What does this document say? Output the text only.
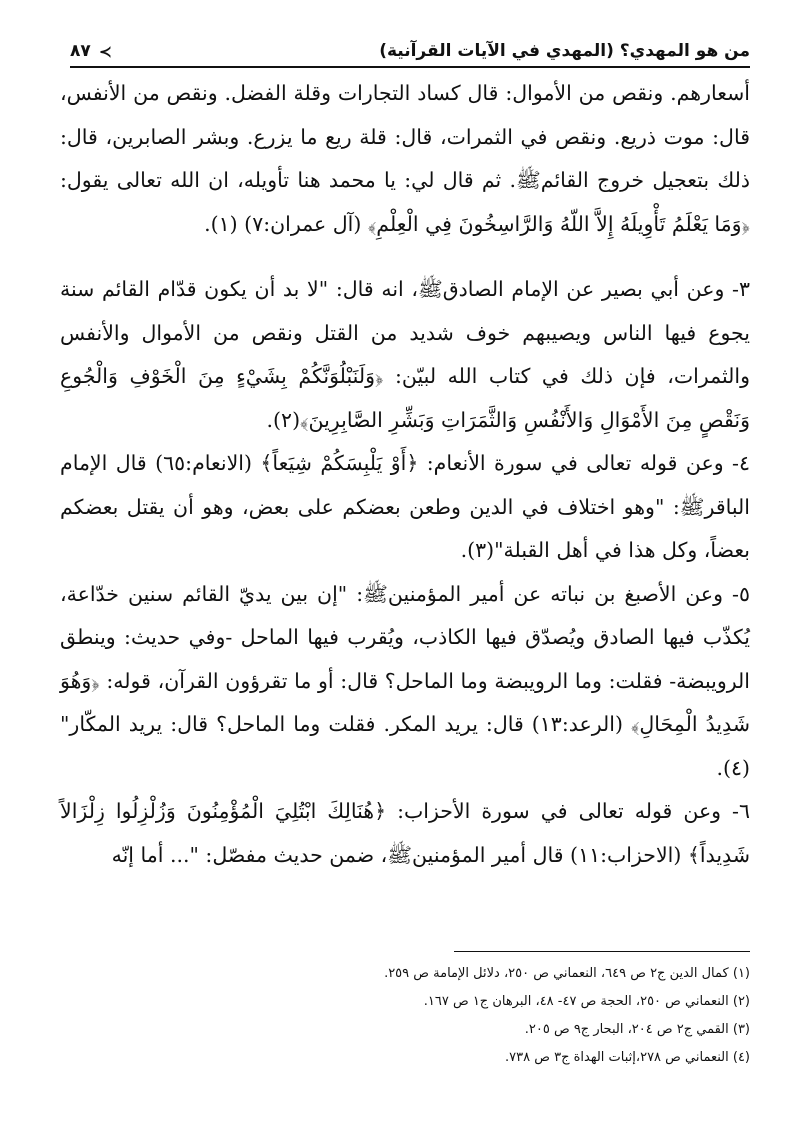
من هو المهدي؟ (المهدي في الآيات القرآنية)
٨٧ ≺

أسعارهم. ونقص من الأموال: قال كساد التجارات وقلة الفضل. ونقص من الأنفس، قال: موت ذريع. ونقص في الثمرات، قال: قلة ريع ما يزرع. وبشر الصابرين، قال: ذلك بتعجيل خروج القائمﷺ. ثم قال لي: يا محمد هنا تأويله، ان الله تعالى يقول: ﴿وَمَا يَعْلَمُ تَأْوِيلَهُ إِلاَّ اللّهُ وَالرَّاسِخُونَ فِي الْعِلْمِ﴾ (آل عمران:٧) (١).

٣- وعن أبي بصير عن الإمام الصادقﷺ، انه قال: "لا بد أن يكون قدّام القائم سنة يجوع فيها الناس ويصيبهم خوف شديد من القتل ونقص من الأموال والأنفس والثمرات، فإن ذلك في كتاب الله لبيّن: ﴿وَلَنَبْلُوَنَّكُمْ بِشَيْءٍ مِنَ الْخَوْفِ وَالْجُوعِ وَنَقْصٍ مِنَ الأَمْوَالِ وَالأَنْفُسِ وَالثَّمَرَاتِ وَبَشِّرِ الصَّابِرِينَ﴾(٢).

٤- وعن قوله تعالى في سورة الأنعام: ﴿أَوْ يَلْبِسَكُمْ شِيَعاً﴾ (الانعام:٦٥) قال الإمام الباقرﷺ: "وهو اختلاف في الدين وطعن بعضكم على بعض، وهو أن يقتل بعضكم بعضاً، وكل هذا في أهل القبلة"(٣).

٥- وعن الأصبغ بن نباته عن أمير المؤمنينﷺ: "إن بين يديّ القائم سنين خدّاعة، يُكذّب فيها الصادق ويُصدّق فيها الكاذب، ويُقرب فيها الماحل -وفي حديث: وينطق الرويبضة- فقلت: وما الرويبضة وما الماحل؟ قال: أو ما تقرؤون القرآن، قوله: ﴿وَهُوَ شَدِيدُ الْمِحَالِ﴾ (الرعد:١٣) قال: يريد المكر. فقلت وما الماحل؟ قال: يريد المكّار"(٤).

٦- وعن قوله تعالى في سورة الأحزاب: ﴿هُنَالِكَ ابْتُلِيَ الْمُؤْمِنُونَ وَزُلْزِلُوا زِلْزَالاً شَدِيداً﴾ (الاحزاب:١١) قال أمير المؤمنينﷺ، ضمن حديث مفصّل: "... أما إنّه

(١) كمال الدين ج٢ ص ٦٤٩، النعماني ص ٢٥٠، دلائل الإمامة ص ٢٥٩.
(٢) النعماني ص ٢٥٠، الحجة ص ٤٧- ٤٨، البرهان ج١ ص ١٦٧.
(٣) القمي ج٢ ص ٢٠٤، البحار ج٩ ص ٢٠٥.
(٤) النعماني ص ٢٧٨،إثبات الهداة ج٣ ص ٧٣٨.
